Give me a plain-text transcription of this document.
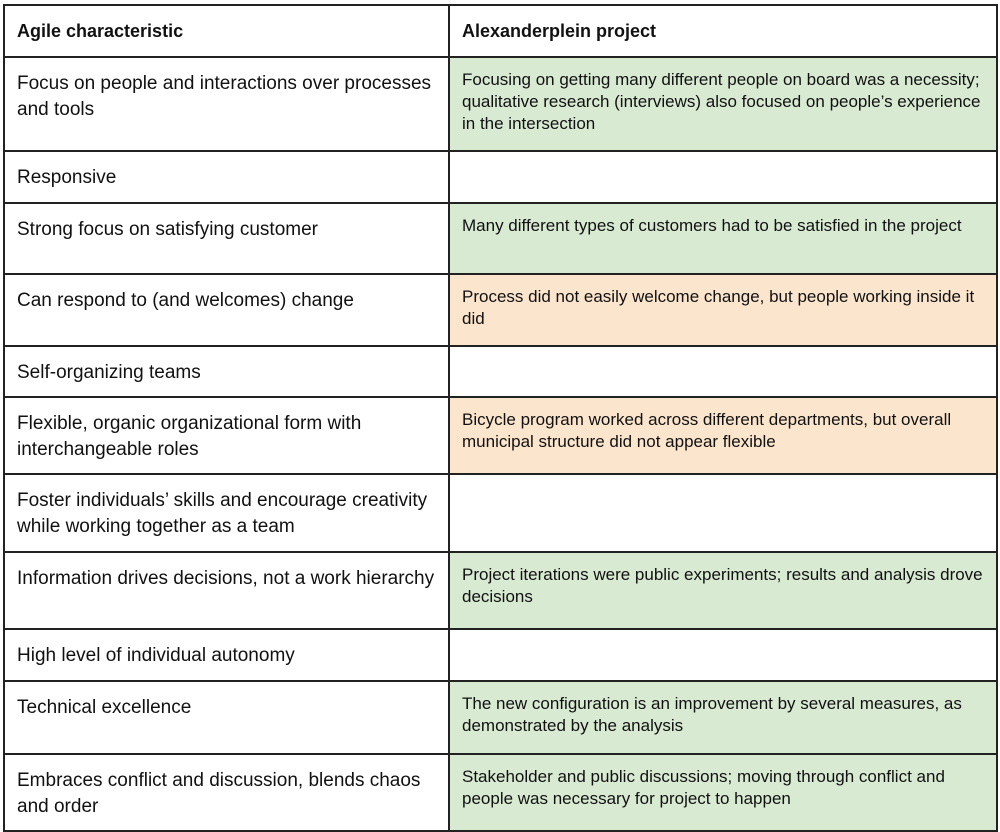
Agile characteristic	Alexanderplein project
Focus on people and interactions over processes and tools	Focusing on getting many different people on board was a necessity; qualitative research (interviews) also focused on people’s experience in the intersection
Responsive	
Strong focus on satisfying customer	Many different types of customers had to be satisfied in the project
Can respond to (and welcomes) change	Process did not easily welcome change, but people working inside it did
Self-organizing teams	
Flexible, organic organizational form with interchangeable roles	Bicycle program worked across different departments, but overall municipal structure did not appear flexible
Foster individuals’ skills and encourage creativity while working together as a team	
Information drives decisions, not a work hierarchy	Project iterations were public experiments; results and analysis drove decisions
High level of individual autonomy	
Technical excellence	The new configuration is an improvement by several measures, as demonstrated by the analysis
Embraces conflict and discussion, blends chaos and order	Stakeholder and public discussions; moving through conflict and people was necessary for project to happen
